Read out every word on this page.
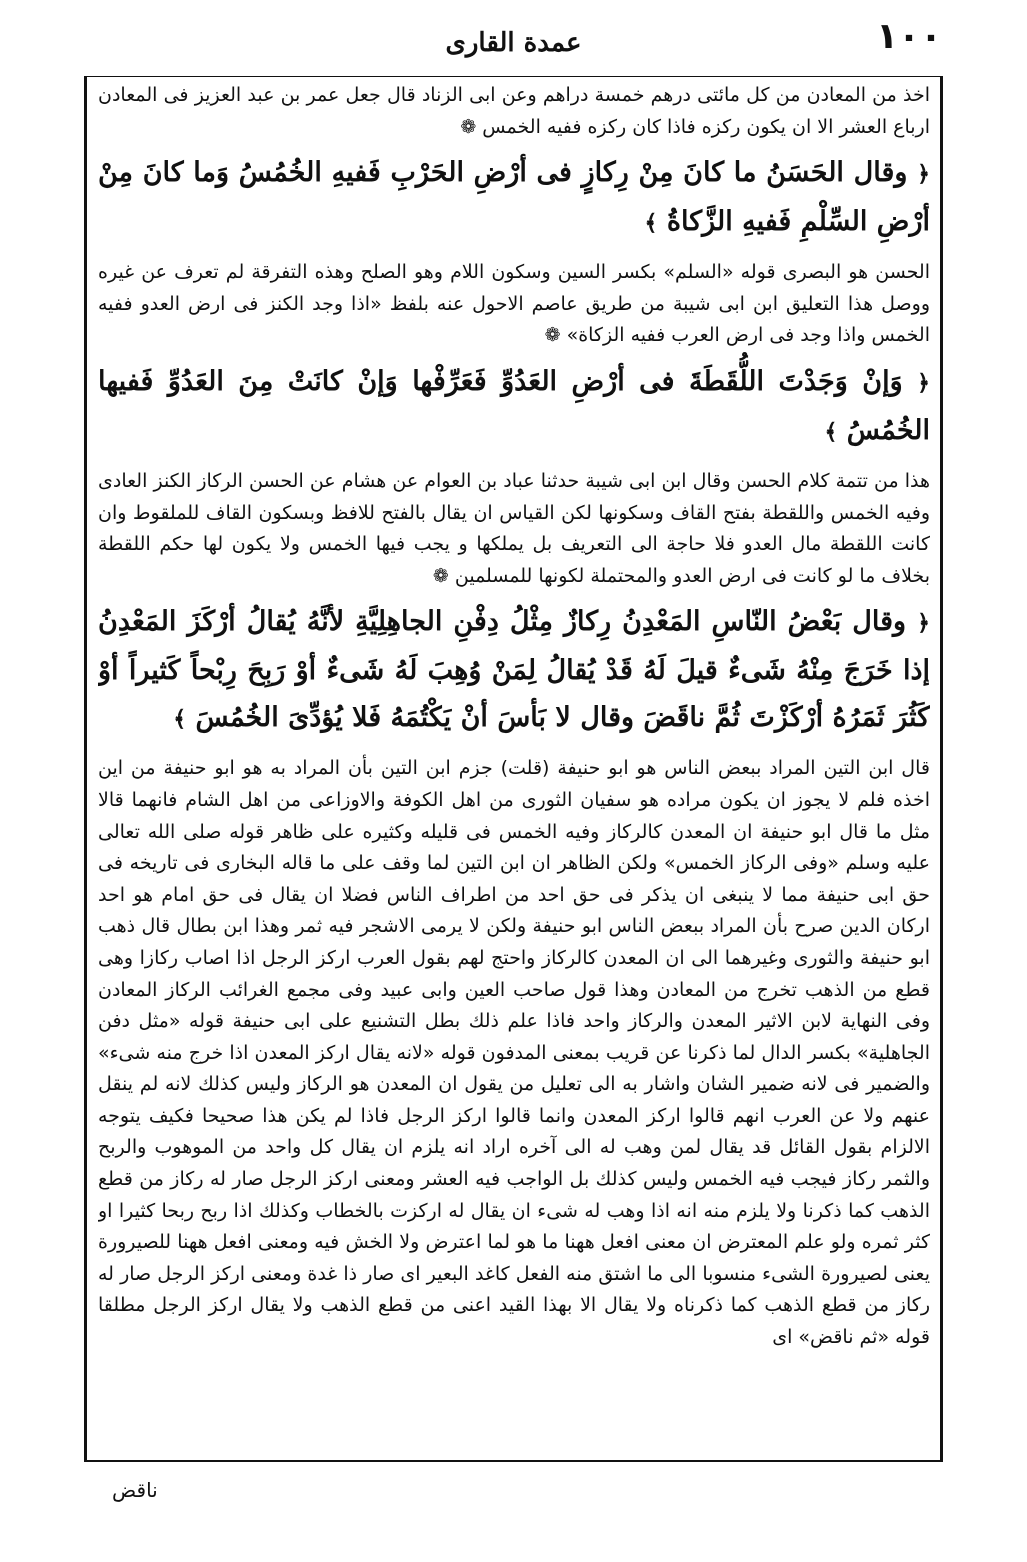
١٠٠
عمدة القاری

اخذ من المعادن من كل مائتی درهم خمسة دراهم وعن ابی الزناد قال جعل عمر بن عبد العزیز فی المعادن ارباع العشر الا ان يكون ركزه فاذا كان ركزه ففيه الخمس ❁

﴿ وقال الحَسَنُ ما كانَ مِنْ رِكازٍ فی أرْضِ الحَرْبِ فَفيهِ الخُمُسُ وَما كانَ مِنْ أرْضِ السِّلْمِ فَفيهِ الزَّكاةُ ﴾

الحسن هو البصری قوله «السلم» بكسر السين وسكون اللام وهو الصلح وهذه التفرقة لم تعرف عن غيره ووصل هذا التعليق ابن ابی شيبة من طريق عاصم الاحول عنه بلفظ «اذا وجد الكنز فی ارض العدو ففيه الخمس واذا وجد فی ارض العرب ففيه الزكاة» ❁

﴿ وَإنْ وَجَدْتَ اللُّقَطَةَ فی أرْضِ العَدُوِّ فَعَرِّفْها وَإنْ كانَتْ مِنَ العَدُوِّ فَفيها الخُمُسُ ﴾

هذا من تتمة كلام الحسن وقال ابن ابی شيبة حدثنا عباد بن العوام عن هشام عن الحسن الركاز الكنز العادی وفيه الخمس واللقطة بفتح القاف وسكونها لكن القياس ان يقال بالفتح للافظ وبسكون القاف للملقوط وان كانت اللقطة مال العدو فلا حاجة الى التعريف بل يملكها و يجب فيها الخمس ولا يكون لها حكم اللقطة بخلاف ما لو كانت فی ارض العدو والمحتملة لكونها للمسلمين ❁

﴿ وقال بَعْضُ النّاسِ المَعْدِنُ رِكازٌ مِثْلُ دِفْنِ الجاهِلِيَّةِ لأنَّهُ يُقالُ أرْكَزَ المَعْدِنُ إذا خَرَجَ مِنْهُ شَیءٌ قيلَ لَهُ قَدْ يُقالُ لِمَنْ وُهِبَ لَهُ شَیءٌ أوْ رَبِحَ رِبْحاً كَثيراً أوْ كَثُرَ ثَمَرُهُ أرْكَزْتَ ثُمَّ ناقَضَ وقال لا بَأسَ أنْ يَكْتُمَهُ فَلا يُؤدِّیَ الخُمُسَ ﴾

قال ابن التين المراد ببعض الناس هو ابو حنيفة (قلت) جزم ابن التين بأن المراد به هو ابو حنيفة من اين اخذه فلم لا يجوز ان يكون مراده هو سفيان الثوری من اهل الكوفة والاوزاعی من اهل الشام فانهما قالا مثل ما قال ابو حنيفة ان المعدن كالركاز وفيه الخمس فی قليله وكثيره على ظاهر قوله صلى الله تعالى عليه وسلم «وفی الركاز الخمس» ولكن الظاهر ان ابن التين لما وقف على ما قاله البخاری فی تاريخه فی حق ابی حنيفة مما لا ينبغی ان يذكر فی حق احد من اطراف الناس فضلا ان يقال فی حق امام هو احد اركان الدين صرح بأن المراد ببعض الناس ابو حنيفة ولكن لا يرمی الاشجر فيه ثمر وهذا ابن بطال قال ذهب ابو حنيفة والثوری وغيرهما الى ان المعدن كالركاز واحتج لهم بقول العرب اركز الرجل اذا اصاب ركازا وهی قطع من الذهب تخرج من المعادن وهذا قول صاحب العين وابی عبيد وفی مجمع الغرائب الركاز المعادن وفی النهاية لابن الاثير المعدن والركاز واحد فاذا علم ذلك بطل التشنيع على ابی حنيفة قوله «مثل دفن الجاهلية» بكسر الدال لما ذكرنا عن قريب بمعنى المدفون قوله «لانه يقال اركز المعدن اذا خرج منه شیء» والضمير فی لانه ضمير الشان واشار به الى تعليل من يقول ان المعدن هو الركاز وليس كذلك لانه لم ينقل عنهم ولا عن العرب انهم قالوا اركز المعدن وانما قالوا اركز الرجل فاذا لم يكن هذا صحيحا فكيف يتوجه الالزام بقول القائل قد يقال لمن وهب له الى آخره اراد انه يلزم ان يقال كل واحد من الموهوب والربح والثمر ركاز فيجب فيه الخمس وليس كذلك بل الواجب فيه العشر ومعنى اركز الرجل صار له ركاز من قطع الذهب كما ذكرنا ولا يلزم منه انه اذا وهب له شیء ان يقال له اركزت بالخطاب وكذلك اذا ربح ربحا كثيرا او كثر ثمره ولو علم المعترض ان معنى افعل ههنا ما هو لما اعترض ولا الخش فيه ومعنى افعل ههنا للصيرورة يعنی لصيرورة الشیء منسوبا الى ما اشتق منه الفعل كاغد البعير ای صار ذا غدة ومعنى اركز الرجل صار له ركاز من قطع الذهب كما ذكرناه ولا يقال الا بهذا القيد اعنی من قطع الذهب ولا يقال اركز الرجل مطلقا قوله «ثم ناقض» ای

ناقض
